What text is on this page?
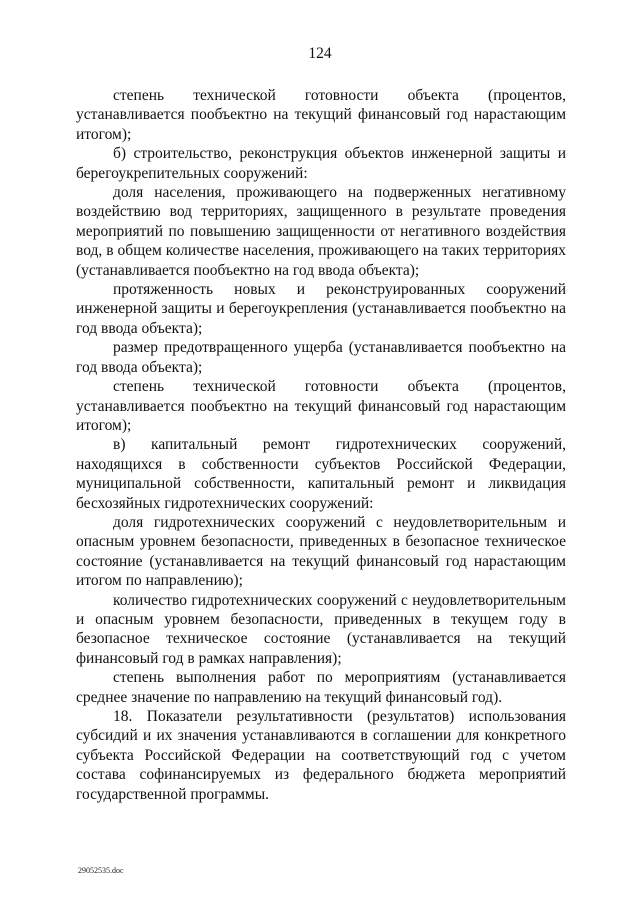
124

степень технической готовности объекта (процентов, устанавливается пообъектно на текущий финансовый год нарастающим итогом);

б) строительство, реконструкция объектов инженерной защиты и берегоукрепительных сооружений:

доля населения, проживающего на подверженных негативному воздействию вод территориях, защищенного в результате проведения мероприятий по повышению защищенности от негативного воздействия вод, в общем количестве населения, проживающего на таких территориях (устанавливается пообъектно на год ввода объекта);

протяженность новых и реконструированных сооружений инженерной защиты и берегоукрепления (устанавливается пообъектно на год ввода объекта);

размер предотвращенного ущерба (устанавливается пообъектно на год ввода объекта);

степень технической готовности объекта (процентов, устанавливается пообъектно на текущий финансовый год нарастающим итогом);

в) капитальный ремонт гидротехнических сооружений, находящихся в собственности субъектов Российской Федерации, муниципальной собственности, капитальный ремонт и ликвидация бесхозяйных гидротехнических сооружений:

доля гидротехнических сооружений с неудовлетворительным и опасным уровнем безопасности, приведенных в безопасное техническое состояние (устанавливается на текущий финансовый год нарастающим итогом по направлению);

количество гидротехнических сооружений с неудовлетворительным и опасным уровнем безопасности, приведенных в текущем году в безопасное техническое состояние (устанавливается на текущий финансовый год в рамках направления);

степень выполнения работ по мероприятиям (устанавливается среднее значение по направлению на текущий финансовый год).

18. Показатели результативности (результатов) использования субсидий и их значения устанавливаются в соглашении для конкретного субъекта Российской Федерации на соответствующий год с учетом состава софинансируемых из федерального бюджета мероприятий государственной программы.

29052535.doc
